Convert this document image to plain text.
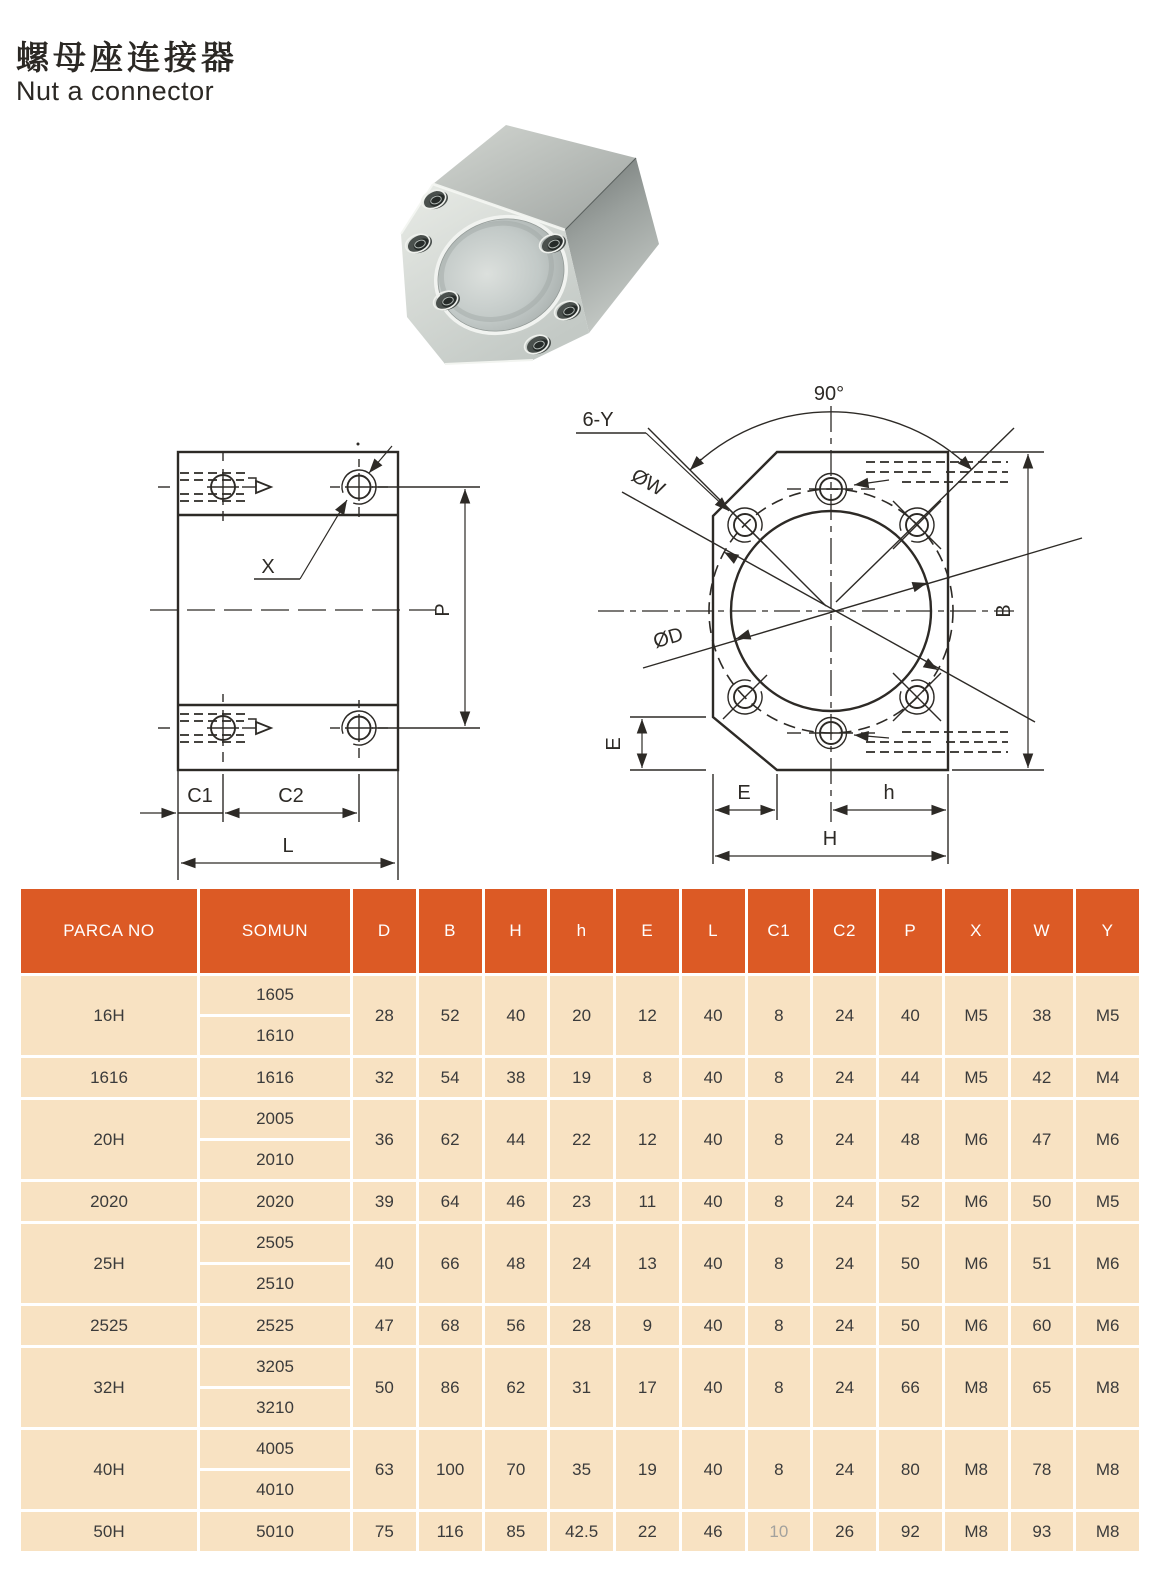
螺母座连接器
Nut a connector
X
P
C1	C2
L
90°
6-Y
ØW
ØD
B
E
E	h
H
PARCA NO	SOMUN	D	B	H	h	E	L	C1	C2	P	X	W	Y
16H	1605	28	52	40	20	12	40	8	24	40	M5	38	M5
	1610												
1616	1616	32	54	38	19	8	40	8	24	44	M5	42	M4
20H	2005	36	62	44	22	12	40	8	24	48	M6	47	M6
	2010												
2020	2020	39	64	46	23	11	40	8	24	52	M6	50	M5
25H	2505	40	66	48	24	13	40	8	24	50	M6	51	M6
	2510												
2525	2525	47	68	56	28	9	40	8	24	50	M6	60	M6
32H	3205	50	86	62	31	17	40	8	24	66	M8	65	M8
	3210												
40H	4005	63	100	70	35	19	40	8	24	80	M8	78	M8
	4010												
50H	5010	75	116	85	42.5	22	46	10	26	92	M8	93	M8
